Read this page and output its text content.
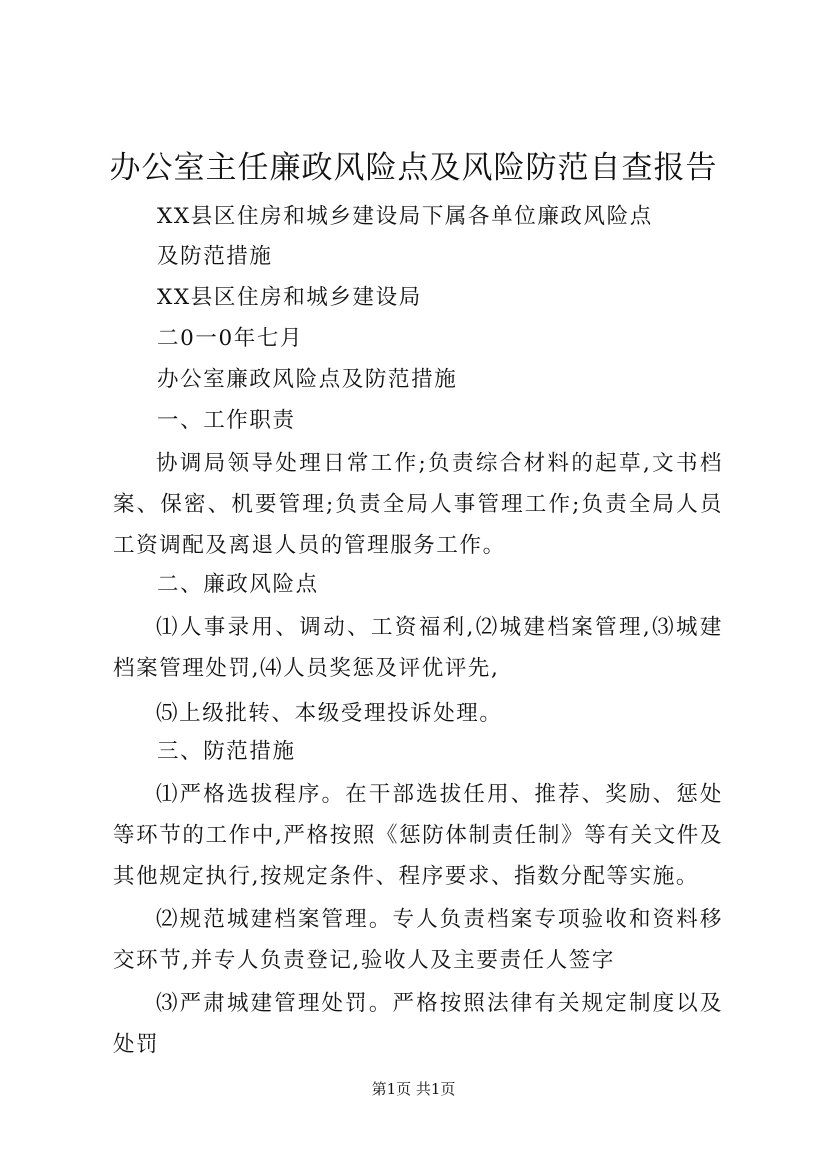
办公室主任廉政风险点及风险防范自查报告
XX县区住房和城乡建设局下属各单位廉政风险点
及防范措施
XX县区住房和城乡建设局
二0一0年七月
办公室廉政风险点及防范措施
一、工作职责
协调局领导处理日常工作;负责综合材料的起草,文书档案、保密、机要管理;负责全局人事管理工作;负责全局人员工资调配及离退人员的管理服务工作。
二、廉政风险点
⑴人事录用、调动、工资福利,⑵城建档案管理,⑶城建档案管理处罚,⑷人员奖惩及评优评先,
⑸上级批转、本级受理投诉处理。
三、防范措施
⑴严格选拔程序。在干部选拔任用、推荐、奖励、惩处等环节的工作中,严格按照《惩防体制责任制》等有关文件及其他规定执行,按规定条件、程序要求、指数分配等实施。
⑵规范城建档案管理。专人负责档案专项验收和资料移交环节,并专人负责登记,验收人及主要责任人签字
⑶严肃城建管理处罚。严格按照法律有关规定制度以及处罚
第1页 共1页
